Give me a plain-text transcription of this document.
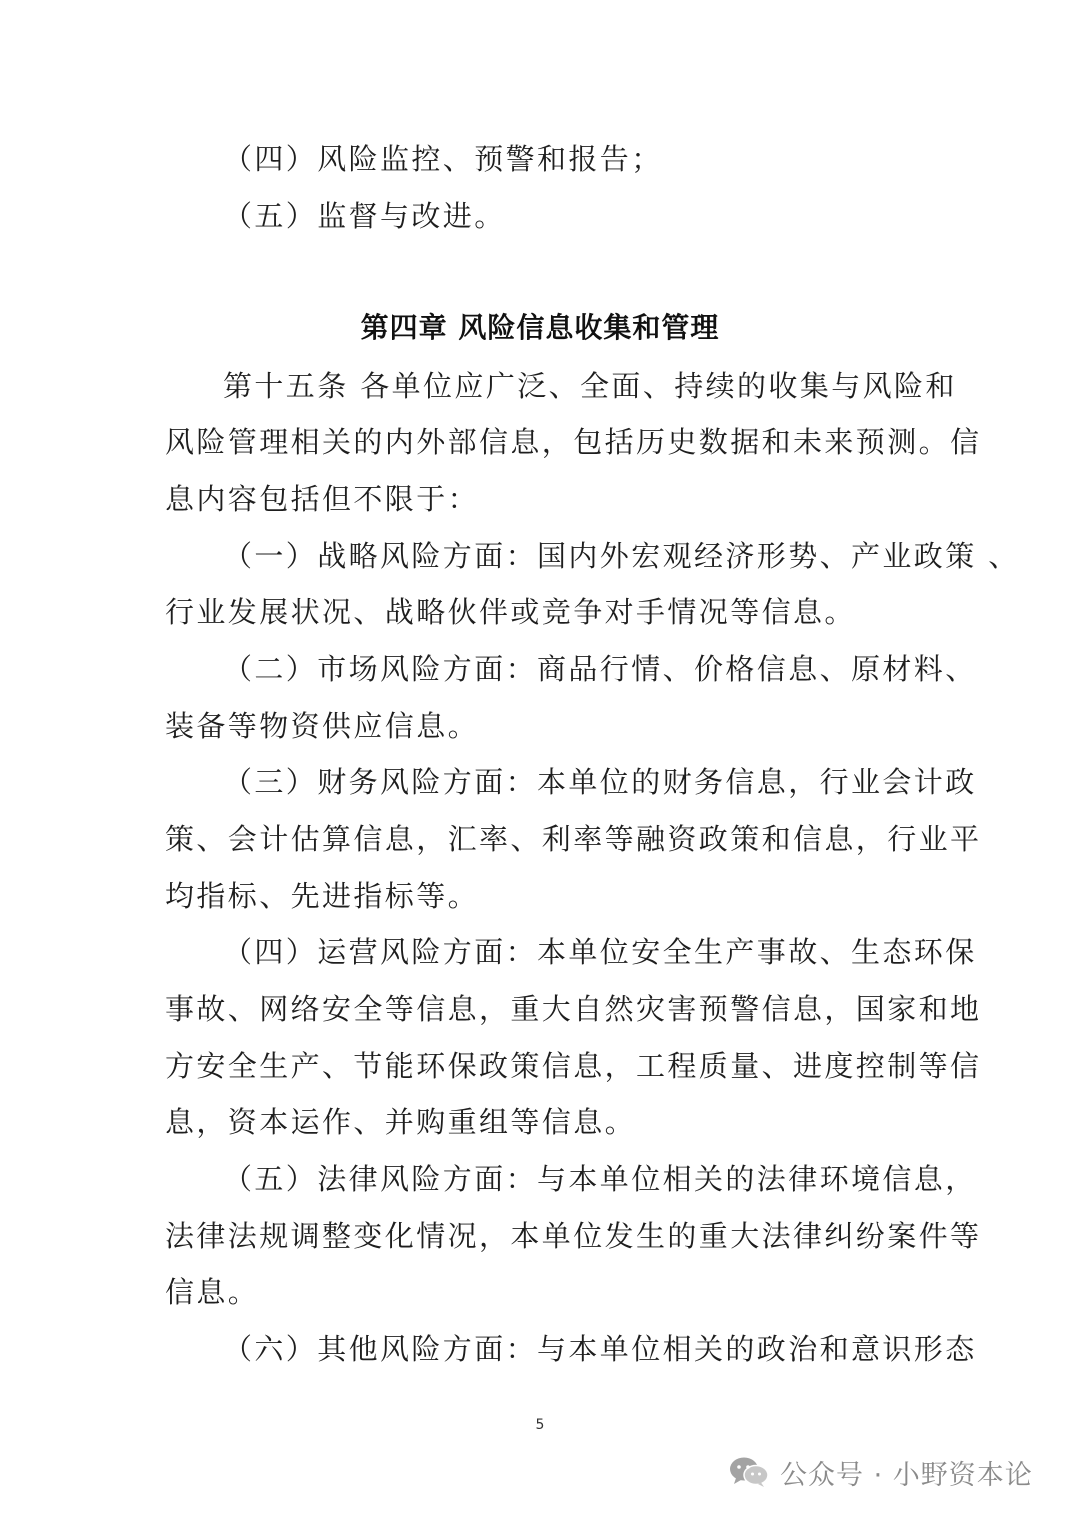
（四）风险监控、预警和报告；
（五）监督与改进。
第四章 风险信息收集和管理
第十五条 各单位应广泛、全面、持续的收集与风险和
风险管理相关的内外部信息，包括历史数据和未来预测。信
息内容包括但不限于：
（一）战略风险方面：国内外宏观经济形势、产业政策 、
行业发展状况、战略伙伴或竞争对手情况等信息。
（二）市场风险方面：商品行情、价格信息、原材料、
装备等物资供应信息。
（三）财务风险方面：本单位的财务信息，行业会计政
策、会计估算信息，汇率、利率等融资政策和信息，行业平
均指标、先进指标等。
（四）运营风险方面：本单位安全生产事故、生态环保
事故、网络安全等信息，重大自然灾害预警信息，国家和地
方安全生产、节能环保政策信息，工程质量、进度控制等信
息，资本运作、并购重组等信息。
（五）法律风险方面：与本单位相关的法律环境信息，
法律法规调整变化情况，本单位发生的重大法律纠纷案件等
信息。
（六）其他风险方面：与本单位相关的政治和意识形态
5
公众号 · 小野资本论
